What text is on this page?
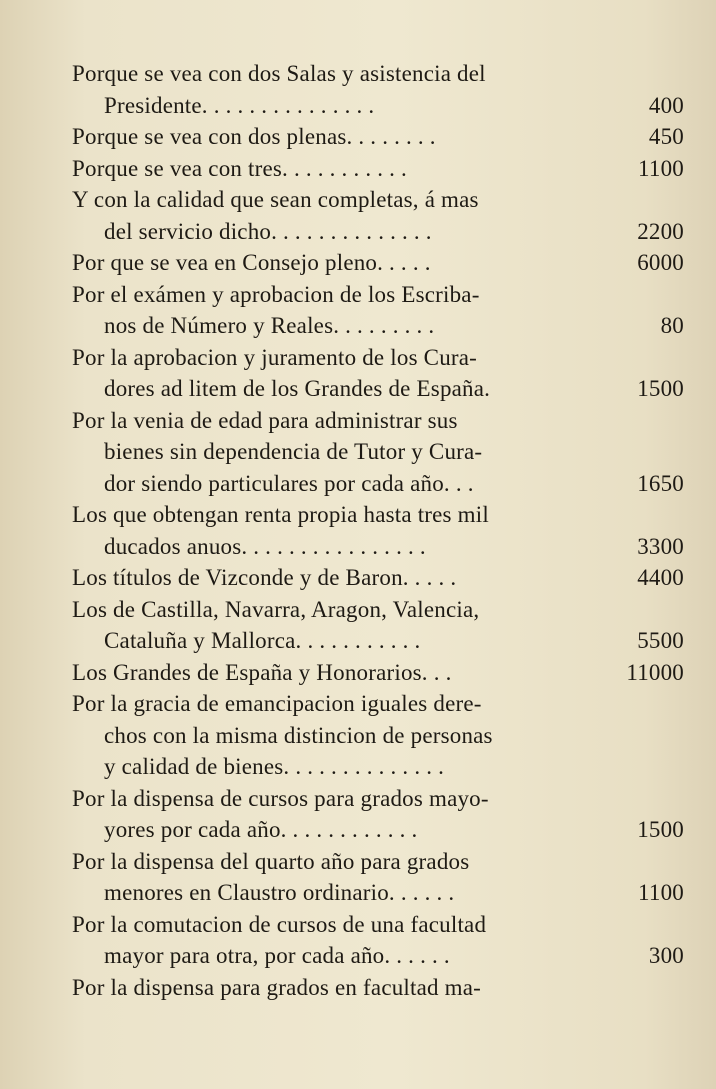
Porque se vea con dos Salas y asistencia del
Presidente. . . . . . . . . . . . . . .	400
Porque se vea con dos plenas. . . . . . . .	450
Porque se vea con tres. . . . . . . . . . .	1100
Y con la calidad que sean completas, á mas
del servicio dicho. . . . . . . . . . . . . .	2200
Por que se vea en Consejo pleno. . . . .	6000
Por el exámen y aprobacion de los Escriba-
nos de Número y Reales. . . . . . . . .	80
Por la aprobacion y juramento de los Cura-
dores ad litem de los Grandes de España.	1500
Por la venia de edad para administrar sus
bienes sin dependencia de Tutor y Cura-
dor siendo particulares por cada año. . .	1650
Los que obtengan renta propia hasta tres mil
ducados anuos. . . . . . . . . . . . . . . .	3300
Los títulos de Vizconde y de Baron. . . . .	4400
Los de Castilla, Navarra, Aragon, Valencia,
Cataluña y Mallorca. . . . . . . . . . .	5500
Los Grandes de España y Honorarios. . .	11000
Por la gracia de emancipacion iguales dere-
chos con la misma distincion de personas
y calidad de bienes. . . . . . . . . . . . . .
Por la dispensa de cursos para grados mayo-
yores por cada año. . . . . . . . . . . .	1500
Por la dispensa del quarto año para grados
menores en Claustro ordinario. . . . . .	1100
Por la comutacion de cursos de una facultad
mayor para otra, por cada año. . . . . .	300
Por la dispensa para grados en facultad ma-
